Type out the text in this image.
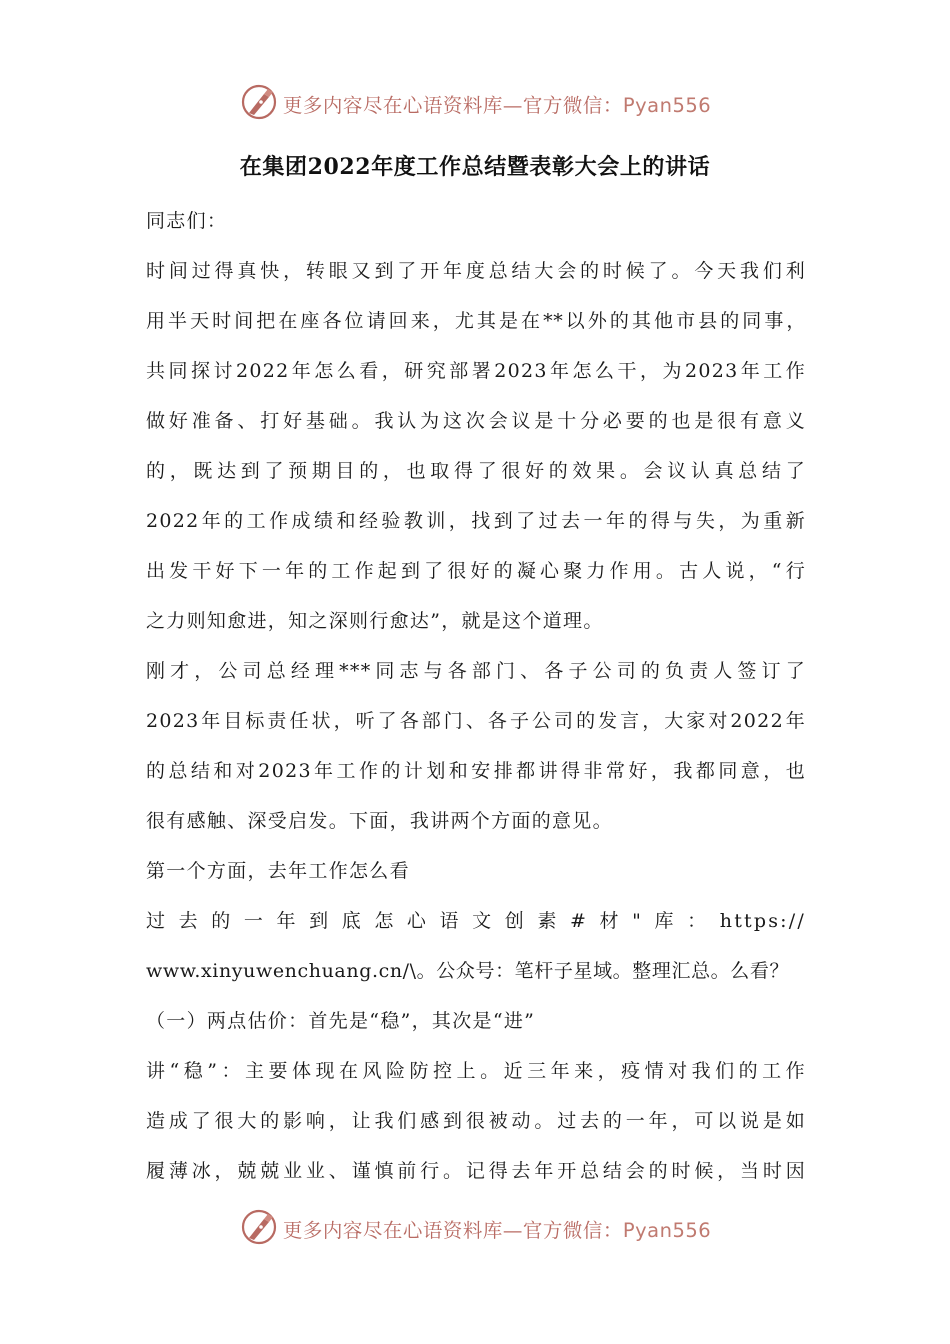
更多内容尽在心语资料库—官方微信：Pyan556
在集团2022年度工作总结暨表彰大会上的讲话
同志们：
时间过得真快，转眼又到了开年度总结大会的时候了。今天我们利
用半天时间把在座各位请回来，尤其是在**以外的其他市县的同事，
共同探讨2022年怎么看，研究部署2023年怎么干，为2023年工作
做好准备、打好基础。我认为这次会议是十分必要的也是很有意义
的，既达到了预期目的，也取得了很好的效果。会议认真总结了
2022年的工作成绩和经验教训，找到了过去一年的得与失，为重新
出发干好下一年的工作起到了很好的凝心聚力作用。古人说，“行
之力则知愈进，知之深则行愈达”，就是这个道理。
刚才，公司总经理***同志与各部门、各子公司的负责人签订了
2023年目标责任状，听了各部门、各子公司的发言，大家对2022年
的总结和对2023年工作的计划和安排都讲得非常好，我都同意，也
很有感触、深受启发。下面，我讲两个方面的意见。
第一个方面，去年工作怎么看
过去的一年到底怎心语文创素#材"库：https://
www.xinyuwenchuang.cn/\。公众号：笔杆子星域。整理汇总。么看？
（一）两点估价：首先是“稳”，其次是“进”
讲“稳”：主要体现在风险防控上。近三年来，疫情对我们的工作
造成了很大的影响，让我们感到很被动。过去的一年，可以说是如
履薄冰，兢兢业业、谨慎前行。记得去年开总结会的时候，当时因
更多内容尽在心语资料库—官方微信：Pyan556
